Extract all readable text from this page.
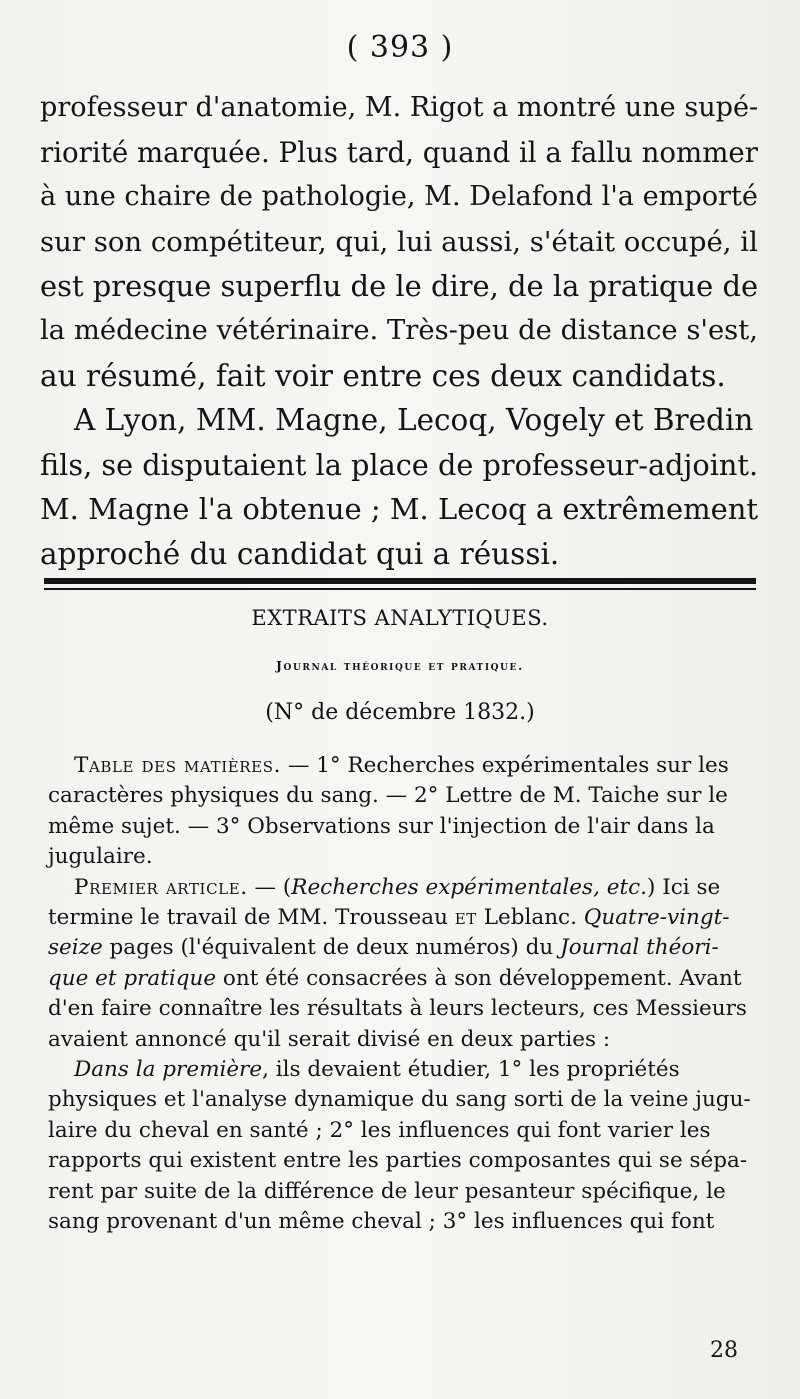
( 393 )
professeur d'anatomie, M. Rigot a montré une supé-
riorité marquée. Plus tard, quand il a fallu nommer
à une chaire de pathologie, M. Delafond l'a emporté
sur son compétiteur, qui, lui aussi, s'était occupé, il
est presque superflu de le dire, de la pratique de
la médecine vétérinaire. Très-peu de distance s'est,
au résumé, fait voir entre ces deux candidats.
A Lyon, MM. Magne, Lecoq, Vogely et Bredin
fils, se disputaient la place de professeur-adjoint.
M. Magne l'a obtenue ; M. Lecoq a extrêmement
approché du candidat qui a réussi.
EXTRAITS ANALYTIQUES.
Journal théorique et pratique.
(N° de décembre 1832.)
Table des matières. — 1° Recherches expérimentales sur les
caractères physiques du sang. — 2° Lettre de M. Taiche sur le
même sujet. — 3° Observations sur l'injection de l'air dans la
jugulaire.
Premier article. — (Recherches expérimentales, etc.) Ici se
termine le travail de MM. Trousseau et Leblanc. Quatre-vingt-
seize pages (l'équivalent de deux numéros) du Journal théori-
que et pratique ont été consacrées à son développement. Avant
d'en faire connaître les résultats à leurs lecteurs, ces Messieurs
avaient annoncé qu'il serait divisé en deux parties :
Dans la première, ils devaient étudier, 1° les propriétés
physiques et l'analyse dynamique du sang sorti de la veine jugu-
laire du cheval en santé ; 2° les influences qui font varier les
rapports qui existent entre les parties composantes qui se sépa-
rent par suite de la différence de leur pesanteur spécifique, le
sang provenant d'un même cheval ; 3° les influences qui font
28
